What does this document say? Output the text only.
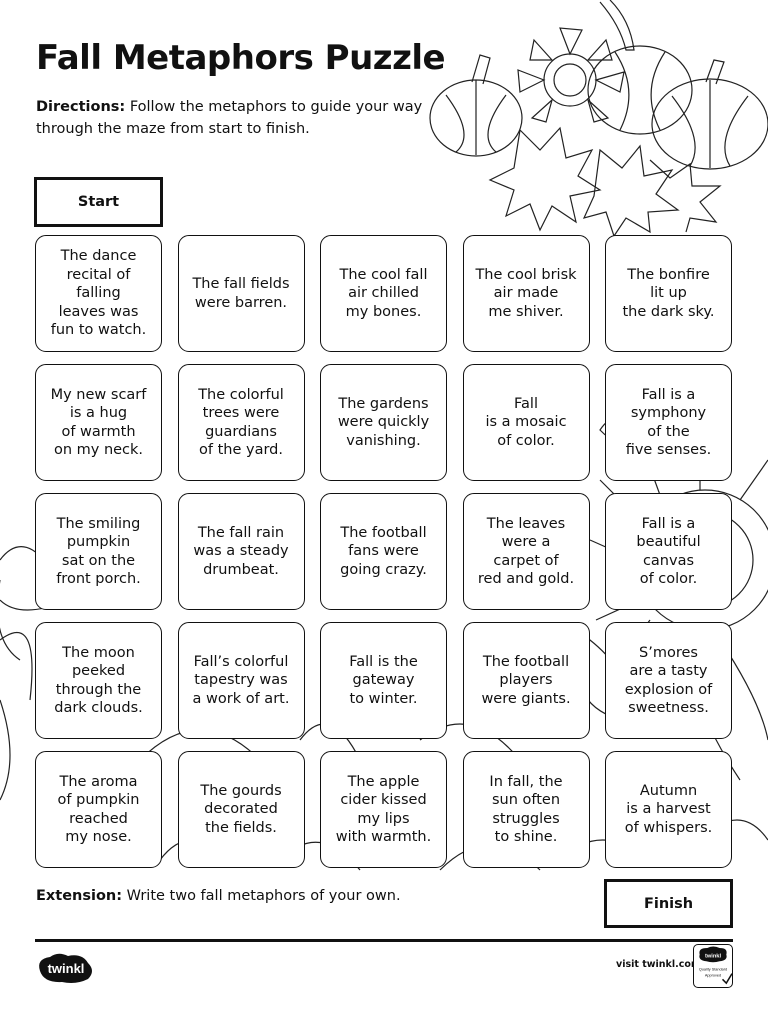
Fall Metaphors Puzzle
Directions: Follow the metaphors to guide your way through the maze from start to finish.
Start
The dance
recital of
falling
leaves was
fun to watch.
The fall fields
were barren.
The cool fall
air chilled
my bones.
The cool brisk
air made
me shiver.
The bonfire
lit up
the dark sky.
My new scarf
is a hug
of warmth
on my neck.
The colorful
trees were
guardians
of the yard.
The gardens
were quickly
vanishing.
Fall
is a mosaic
of color.
Fall is a
symphony
of the
five senses.
The smiling
pumpkin
sat on the
front porch.
The fall rain
was a steady
drumbeat.
The football
fans were
going crazy.
The leaves
were a
carpet of
red and gold.
Fall is a
beautiful
canvas
of color.
The moon
peeked
through the
dark clouds.
Fall’s colorful
tapestry was
a work of art.
Fall is the
gateway
to winter.
The football
players
were giants.
S’mores
are a tasty
explosion of
sweetness.
The aroma
of pumpkin
reached
my nose.
The gourds
decorated
the fields.
The apple
cider kissed
my lips
with warmth.
In fall, the
sun often
struggles
to shine.
Autumn
is a harvest
of whispers.
Extension: Write two fall metaphors of your own.	Finish
twinkl	visit twinkl.com
twinkl
Quality Standard
Approved
